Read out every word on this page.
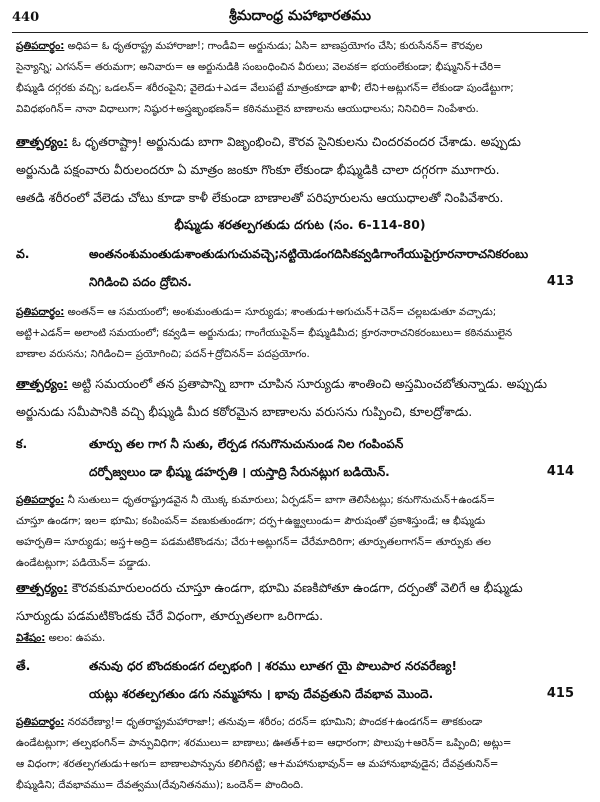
440	శ్రీమదాంధ్ర మహాభారతము
ప్రతిపదార్థం: అధిప= ఓ ధృతరాష్ట్ర మహారాజా!; గాండీవి= అర్జునుడు; ఏసి= బాణప్రయోగం చేసి; కురుసేనన్= కౌరవుల
సైన్యాన్ని; ఎగసన్= తరుమగా; అనివారు= ఆ అర్జునుడికి సంబంధించిన వీరులు; వెలవక= భయంలేకుండా; భీష్మునిన్+చేరి=
భీష్ముడి దగ్గరకు వచ్చి; ఒడలన్= శరీరంపైని; వైలెడు+ఎడ= వేలుపట్టే మాత్రంకూడా ఖాళీ; లేని+అట్లుగన్= లేకుండా పుండేట్టుగా;
వివిధభంగిన్= నానా విధాలుగా; నిష్ఠుర+అస్త్రజృంభణన్= కఠినములైన బాణాలను ఆయుధాలను; నినిచిరి= నింపేశారు.
తాత్పర్యం: ఓ ధృతరాష్ట్రా! అర్జునుడు బాగా విజృంభించి, కౌరవ సైనికులను చిందరవందర చేశాడు. అప్పుడు
అర్జునుడి పక్షంవారు వీరులందరూ ఏ మాత్రం జంకూ గొంకూ లేకుండా భీష్ముడికి చాలా దగ్గరగా మూగారు.
ఆతడి శరీరంలో వేలెడు చోటు కూడా కాళీ లేకుండా బాణాలతో పరిపూరులను ఆయుధాలతో నింపివేశారు.
భీష్ముడు శరతల్పగతుడు దగుట (సం. 6-114-80)
వ.	అంతనంశుమంతుడుశాంతుడుగుచువచ్చె;నట్టియెడంగదిసికవ్వడిగాంగేయుపైగ్రూరనారాచనికరంబు
నిగిడించి పదం ద్రోచిన.	413
ప్రతిపదార్థం: అంతన్= ఆ సమయంలో; అంశుమంతుడు= సూర్యుడు; శాంతుడు+అగుచున్+చెన్= చల్లబడుతూ వచ్చాడు;
అట్టి+ఎడన్= అలాంటి సమయంలో; కవ్వడి= అర్జునుడు; గాంగేయుపైన్= భీష్ముడిమీద; క్రూరనారాచనికరంబులు= కఠినములైన
బాణాల వరుసను; నిగిడించి= ప్రయోగించి; పదన్+ద్రోచినన్= పదప్రయోగం.
తాత్పర్యం: అట్టి సమయంలో తన ప్రతాపాన్ని బాగా చూపిన సూర్యుడు శాంతించి అస్తమించబోతున్నాడు. అప్పుడు
అర్జునుడు సమీపానికి వచ్చి భీష్ముడి మీద కఠోరమైన బాణాలను వరుసను గుప్పించి, కూలద్రోశాడు.
క.	తూర్పు తల గాగ నీ సుతు, లేర్పడ గనుగొనుచునుండ నిల గంపింపన్
దర్పోజ్వలుం డా భీష్ము డహర్పతి । యస్తాద్రి సేరునట్లుగ బడియెన్.	414
ప్రతిపదార్థం: నీ సుతులు= ధృతరాష్ట్రుడవైన నీ యొక్క కుమారులు; ఏర్పడన్= బాగా తెలిసేటట్లు; కనుగొనుచున్+ఉండన్=
చూస్తూ ఉండగా; ఇల= భూమి; కంపింపన్= వణుకుతుండగా; దర్ప+ఉజ్జ్వలుండు= పౌరుషంతో ప్రకాశిస్తుండే; ఆ భీష్ముడు
అహర్పతి= సూర్యుడు; అస్త+అద్రి= పడమటికొండను; చేరు+అట్లుగన్= చేరేమాదిరిగా; తూర్పుతలగాగన్= తూర్పుకు తల
ఉండేటట్లుగా; పడియెన్= పడ్డాడు.
తాత్పర్యం: కౌరవకుమారులందరు చూస్తూ ఉండగా, భూమి వణకిపోతూ ఉండగా, దర్పంతో వెలిగే ఆ భీష్ముడు
సూర్యుడు పడమటికొండకు చేరే విధంగా, తూర్పుతలగా ఒరిగాడు.
విశేషం: అలం: ఉపమ.
తే.	తనువు ధర బొందకుండగ దల్పభంగి । శరము లూతగ యై పొలుపార నరవరేణ్య!
యట్లు శరతల్పగతుం డగు నమ్మహాను । భావు దేవవ్రతుని దేవభావ మొందె.	415
ప్రతిపదార్థం: నరవరేణ్యా!= ధృతరాష్ట్రమహారాజా!; తనువు= శరీరం; దరన్= భూమిని; పొందక+ఉండగన్= తాకకుండా
ఉండేటట్లుగా; తల్పభంగిన్= పాన్పువిధిగా; శరములు= బాణాలు; ఊతత్+ఐ= ఆధారంగా; పొలుపు+ఆరెన్= ఒప్పింది; అట్లు=
ఆ విధంగా; శరతల్పగతుడు+అగు= బాణాలపాన్పును కలిగినట్టి; ఆ+మహానుభావున్= ఆ మహానుభావుడైన; దేవవ్రతునిన్=
భీష్ముడిని; దేవభావము= దేవత్వము(దేవునితనము); ఒందెన్= పొందింది.
